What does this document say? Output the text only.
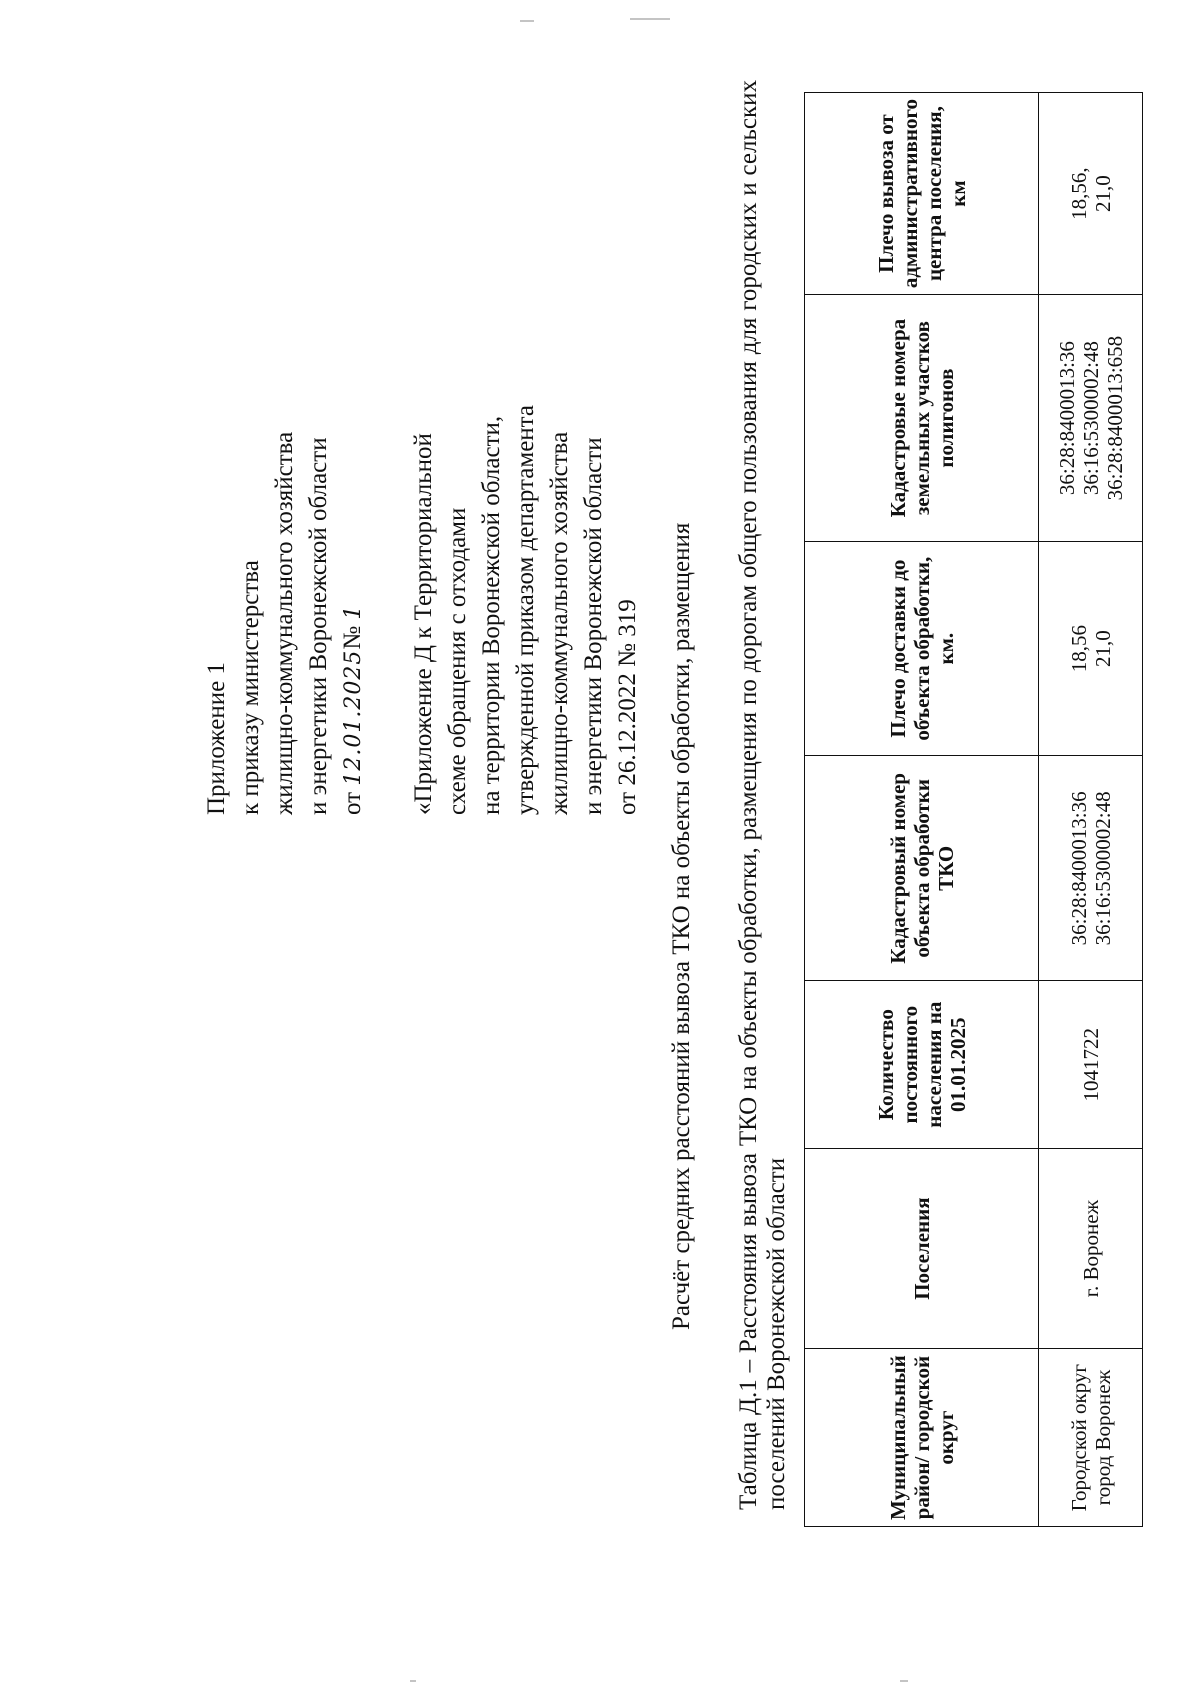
Приложение 1 к приказу министерства жилищно-коммунального хозяйства и энергетики Воронежской области от 12.01.2025№ 1 «Приложение Д к Территориальной схеме обращения с отходами на территории Воронежской области, утвержденной приказом департамента жилищно-коммунального хозяйства и энергетики Воронежской области от 26.12.2022 № 319 Расчёт средних расстояний вывоза ТКО на объекты обработки, размещения Таблица Д.1 – Расстояния вывоза ТКО на объекты обработки, размещения по дорогам общего пользования для городских и сельских поселений Воронежской области	Муниципальный район/ городской округ	Поселения	Количество постоянного населения на 01.01.2025	Кадастровый номер объекта обработки ТКО	Плечо доставки до объекта обработки, км.	Кадастровые номера земельных участков полигонов	Плечо вывоза от административного центра поселения, км
Городской округ город Воронеж	г. Воронеж	1041722	36:28:8400013:36 36:16:5300002:48	18,56 21,0	36:28:8400013:36 36:16:5300002:48 36:28:8400013:658	18,56, 21,0
